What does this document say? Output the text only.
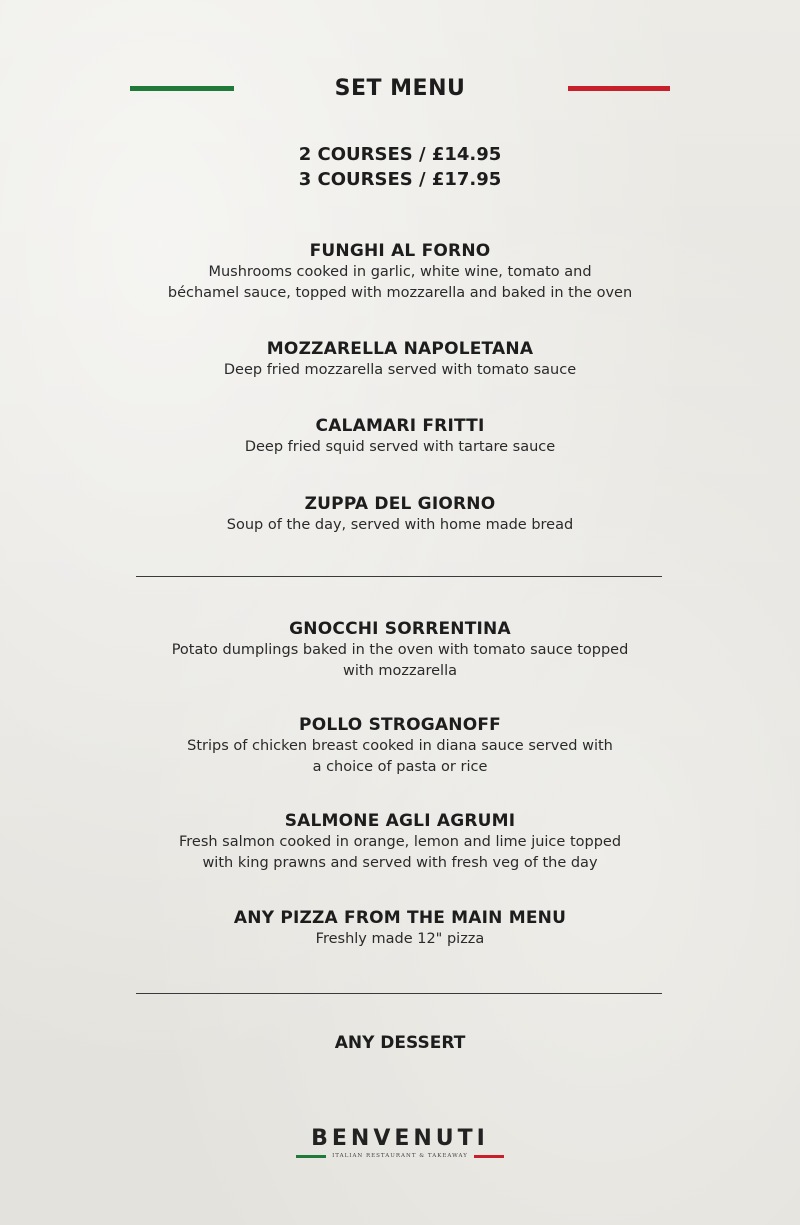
SET MENU
2 COURSES / £14.95
3 COURSES / £17.95
FUNGHI AL FORNO
Mushrooms cooked in garlic, white wine, tomato and
béchamel sauce, topped with mozzarella and baked in the oven
MOZZARELLA NAPOLETANA
Deep fried mozzarella served with tomato sauce
CALAMARI FRITTI
Deep fried squid served with tartare sauce
ZUPPA DEL GIORNO
Soup of the day, served with home made bread
GNOCCHI SORRENTINA
Potato dumplings baked in the oven with tomato sauce topped
with mozzarella
POLLO STROGANOFF
Strips of chicken breast cooked in diana sauce served with
a choice of pasta or rice
SALMONE AGLI AGRUMI
Fresh salmon cooked in orange, lemon and lime juice topped
with king prawns and served with fresh veg of the day
ANY PIZZA FROM THE MAIN MENU
Freshly made 12" pizza
ANY DESSERT
BENVENUTI
ITALIAN RESTAURANT & TAKEAWAY
